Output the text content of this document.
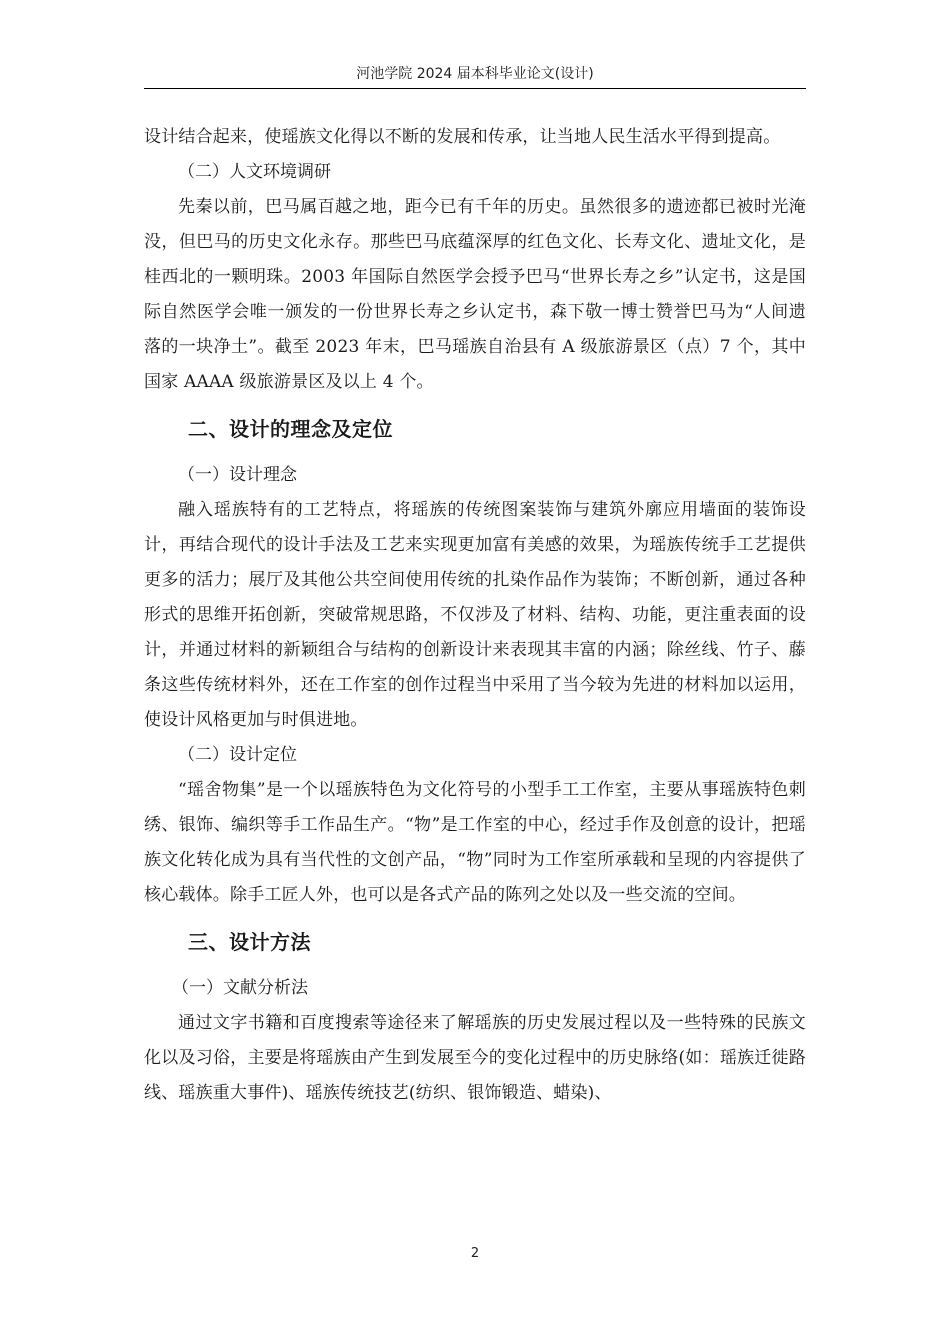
河池学院 2024 届本科毕业论文(设计)

设计结合起来，使瑶族文化得以不断的发展和传承，让当地人民生活水平得到提高。

（二）人文环境调研

先秦以前，巴马属百越之地，距今已有千年的历史。虽然很多的遗迹都已被时光淹没，但巴马的历史文化永存。那些巴马底蕴深厚的红色文化、长寿文化、遗址文化，是桂西北的一颗明珠。2003 年国际自然医学会授予巴马“世界长寿之乡”认定书，这是国际自然医学会唯一颁发的一份世界长寿之乡认定书，森下敬一博士赞誉巴马为“人间遗落的一块净土”。截至 2023 年末，巴马瑶族自治县有 A 级旅游景区（点）7 个，其中国家 AAAA 级旅游景区及以上 4 个。

二、设计的理念及定位

（一）设计理念

融入瑶族特有的工艺特点，将瑶族的传统图案装饰与建筑外廓应用墙面的装饰设计，再结合现代的设计手法及工艺来实现更加富有美感的效果，为瑶族传统手工艺提供更多的活力；展厅及其他公共空间使用传统的扎染作品作为装饰；不断创新，通过各种形式的思维开拓创新，突破常规思路，不仅涉及了材料、结构、功能，更注重表面的设计，并通过材料的新颖组合与结构的创新设计来表现其丰富的内涵；除丝线、竹子、藤条这些传统材料外，还在工作室的创作过程当中采用了当今较为先进的材料加以运用，使设计风格更加与时俱进地。

（二）设计定位

“瑶舍物集”是一个以瑶族特色为文化符号的小型手工工作室，主要从事瑶族特色刺绣、银饰、编织等手工作品生产。“物”是工作室的中心，经过手作及创意的设计，把瑶族文化转化成为具有当代性的文创产品，“物”同时为工作室所承载和呈现的内容提供了核心载体。除手工匠人外，也可以是各式产品的陈列之处以及一些交流的空间。

三、设计方法

（一）文献分析法

通过文字书籍和百度搜索等途径来了解瑶族的历史发展过程以及一些特殊的民族文化以及习俗，主要是将瑶族由产生到发展至今的变化过程中的历史脉络(如：瑶族迁徙路线、瑶族重大事件)、瑶族传统技艺(纺织、银饰锻造、蜡染)、

2
